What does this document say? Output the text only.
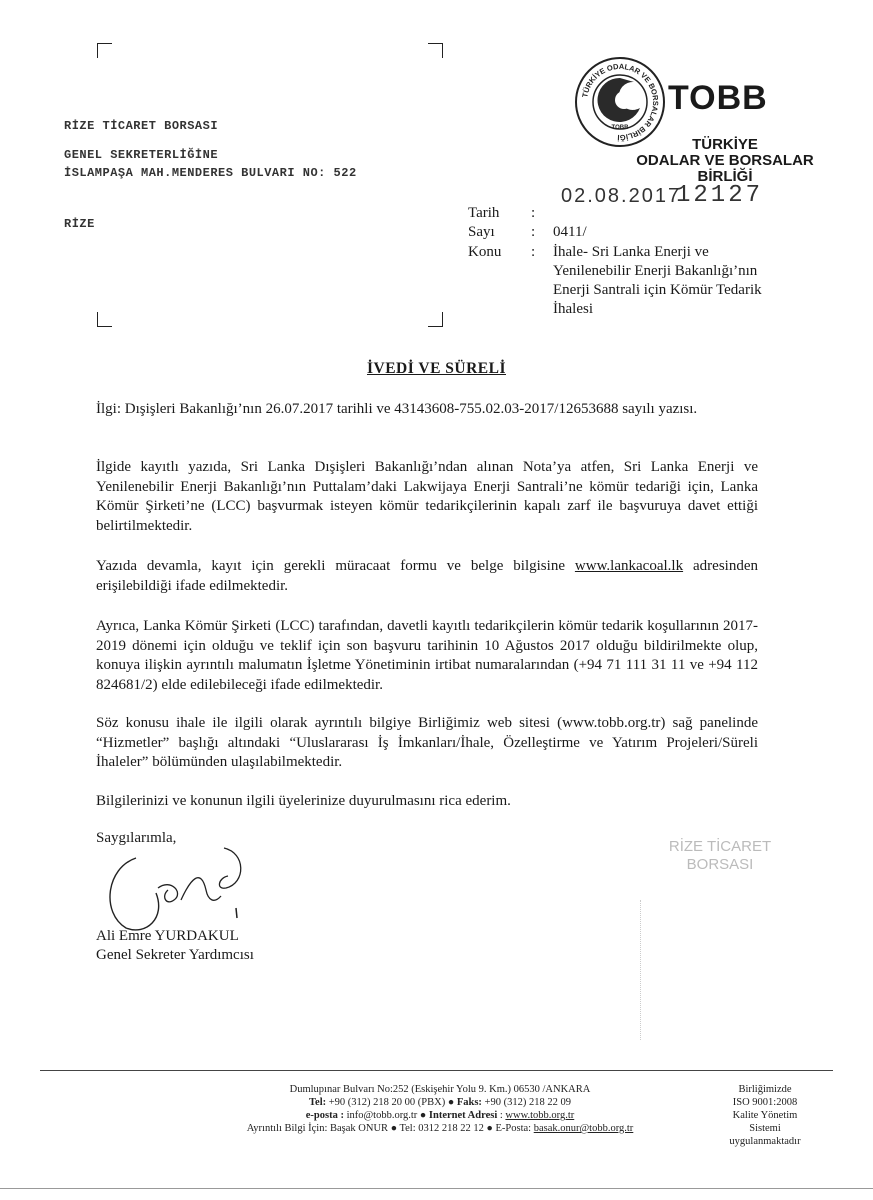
RİZE TİCARET BORSASI
GENEL SEKRETERLİĞİNE
İSLAMPAŞA MAH.MENDERES BULVARI NO: 522
RİZE
TÜRKİYE ODALAR VE BORSALAR BİRLİĞİ
TOBB
TOBB
TÜRKİYE
ODALAR VE BORSALAR
BİRLİĞİ
02.08.2017
12127
Tarih :
Sayı : 0411/
Konu : İhale- Sri Lanka Enerji ve
Yenilenebilir Enerji Bakanlığı’nın
Enerji Santrali için Kömür Tedarik
İhalesi
İVEDİ VE SÜRELİ

İlgi: Dışişleri Bakanlığı’nın 26.07.2017 tarihli ve 43143608-755.02.03-2017/12653688 sayılı yazısı.

İlgide kayıtlı yazıda, Sri Lanka Dışişleri Bakanlığı’ndan alınan Nota’ya atfen, Sri Lanka Enerji ve Yenilenebilir Enerji Bakanlığı’nın Puttalam’daki Lakwijaya Enerji Santrali’ne kömür tedariği için, Lanka Kömür Şirketi’ne (LCC) başvurmak isteyen kömür tedarikçilerinin kapalı zarf ile başvuruya davet ettiği belirtilmektedir.

Yazıda devamla, kayıt için gerekli müracaat formu ve belge bilgisine www.lankacoal.lk adresinden erişilebildiği ifade edilmektedir.

Ayrıca, Lanka Kömür Şirketi (LCC) tarafından, davetli kayıtlı tedarikçilerin kömür tedarik koşullarının 2017-2019 dönemi için olduğu ve teklif için son başvuru tarihinin 10 Ağustos 2017 olduğu bildirilmekte olup, konuya ilişkin ayrıntılı malumatın İşletme Yönetiminin irtibat numaralarından (+94 71 111 31 11 ve +94 112 824681/2) elde edilebileceği ifade edilmektedir.

Söz konusu ihale ile ilgili olarak ayrıntılı bilgiye Birliğimiz web sitesi (www.tobb.org.tr) sağ panelinde “Hizmetler” başlığı altındaki “Uluslararası İş İmkanları/İhale, Özelleştirme ve Yatırım Projeleri/Süreli İhaleler” bölümünden ulaşılabilmektedir.

Bilgilerinizi ve konunun ilgili üyelerinize duyurulmasını rica ederim.

Saygılarımla,
Ali Emre YURDAKUL
Genel Sekreter Yardımcısı
RİZE TİCARET
BORSASI
Dumlupınar Bulvarı No:252 (Eskişehir Yolu 9. Km.) 06530 /ANKARA
Tel: +90 (312) 218 20 00 (PBX) ● Faks: +90 (312) 218 22 09
e-posta : info@tobb.org.tr ● Internet Adresi : www.tobb.org.tr
Ayrıntılı Bilgi İçin: Başak ONUR ● Tel: 0312 218 22 12 ● E-Posta: basak.onur@tobb.org.tr
Birliğimizde
ISO 9001:2008
Kalite Yönetim
Sistemi
uygulanmaktadır
